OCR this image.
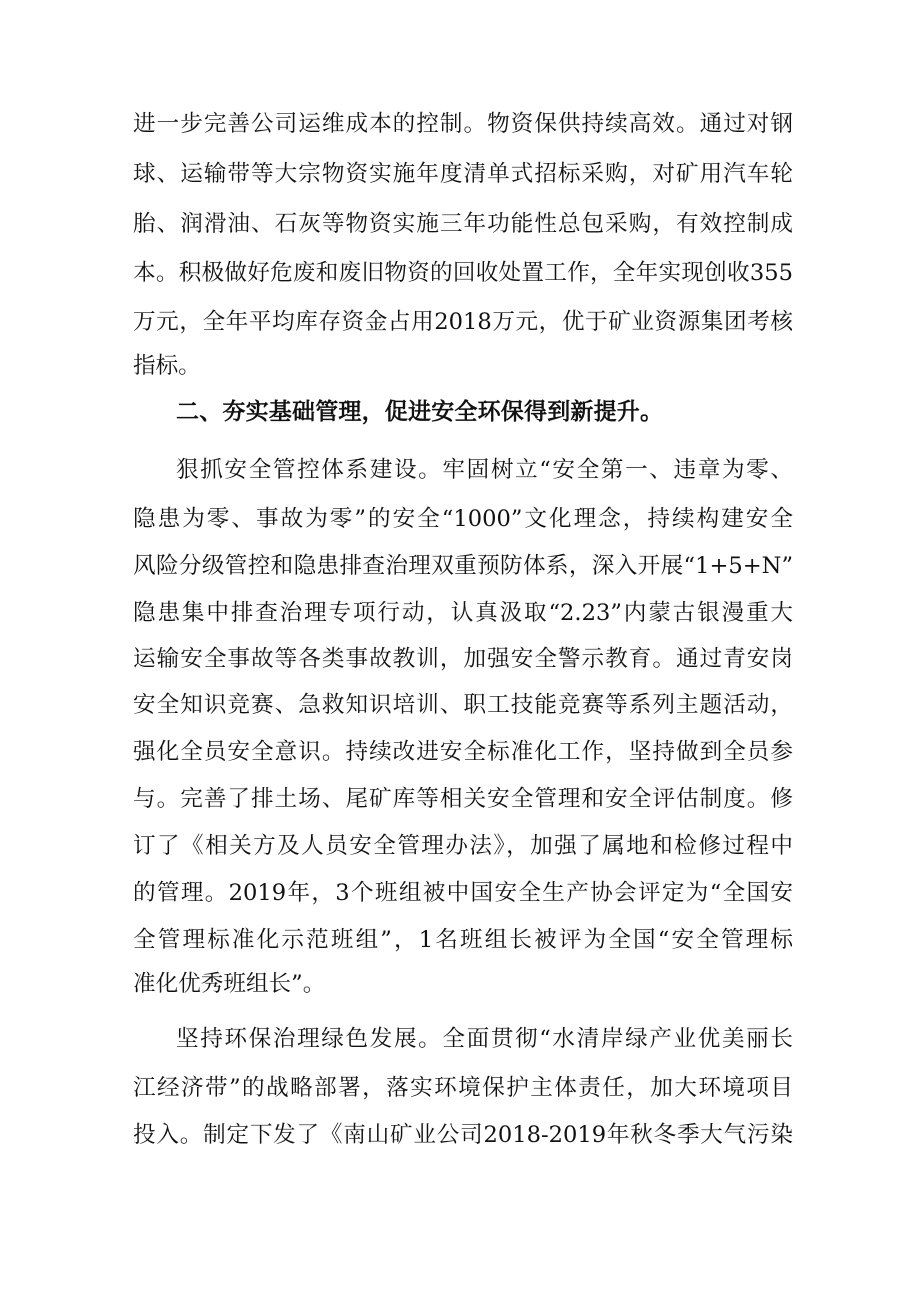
进一步完善公司运维成本的控制。物资保供持续高效。通过对钢
球、运输带等大宗物资实施年度清单式招标采购，对矿用汽车轮
胎、润滑油、石灰等物资实施三年功能性总包采购，有效控制成
本。积极做好危废和废旧物资的回收处置工作，全年实现创收355
万元，全年平均库存资金占用2018万元，优于矿业资源集团考核
指标。
二、夯实基础管理，促进安全环保得到新提升。
狠抓安全管控体系建设。牢固树立“安全第一、违章为零、
隐患为零、事故为零”的安全“1000”文化理念，持续构建安全
风险分级管控和隐患排查治理双重预防体系，深入开展“1+5+N”
隐患集中排查治理专项行动，认真汲取“2.23”内蒙古银漫重大
运输安全事故等各类事故教训，加强安全警示教育。通过青安岗
安全知识竞赛、急救知识培训、职工技能竞赛等系列主题活动，
强化全员安全意识。持续改进安全标准化工作，坚持做到全员参
与。完善了排土场、尾矿库等相关安全管理和安全评估制度。修
订了《相关方及人员安全管理办法》，加强了属地和检修过程中
的管理。2019年，3个班组被中国安全生产协会评定为“全国安
全管理标准化示范班组”，1名班组长被评为全国“安全管理标
准化优秀班组长”。
坚持环保治理绿色发展。全面贯彻“水清岸绿产业优美丽长
江经济带”的战略部署，落实环境保护主体责任，加大环境项目
投入。制定下发了《南山矿业公司2018-2019年秋冬季大气污染
